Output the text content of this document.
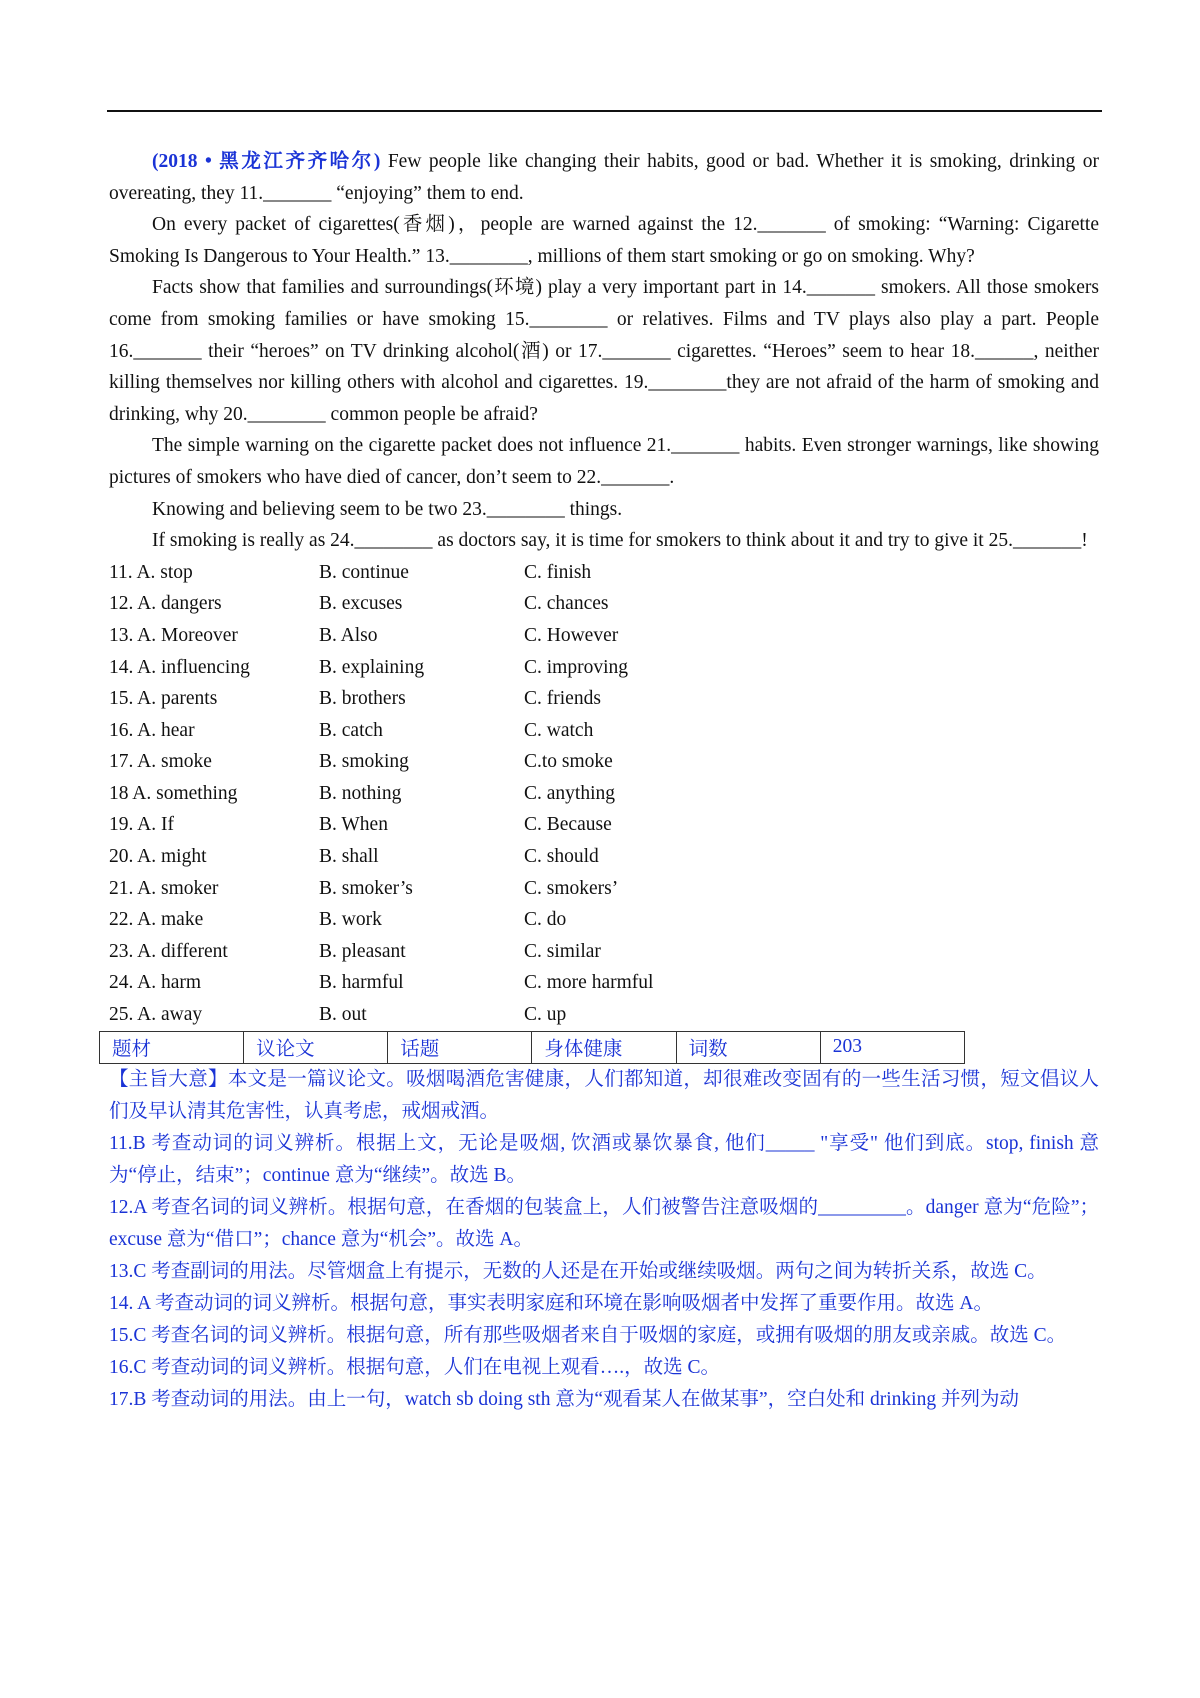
(2018 • 黑龙江齐齐哈尔) Few people like changing their habits, good or bad. Whether it is smoking, drinking or overeating, they 11._______ “enjoying” them to end.

On every packet of cigarettes(香烟)，people are warned against the 12._______ of smoking: “Warning: Cigarette Smoking Is Dangerous to Your Health.” 13.________, millions of them start smoking or go on smoking. Why?

Facts show that families and surroundings(环境) play a very important part in 14._______ smokers. All those smokers come from smoking families or have smoking 15.________ or relatives. Films and TV plays also play a part. People 16._______ their “heroes” on TV drinking alcohol(酒) or 17._______ cigarettes. “Heroes” seem to hear 18.______, neither killing themselves nor killing others with alcohol and cigarettes. 19.________they are not afraid of the harm of smoking and drinking, why 20.________ common people be afraid?

The simple warning on the cigarette packet does not influence 21._______ habits. Even stronger warnings, like showing pictures of smokers who have died of cancer, don’t seem to 22._______.

Knowing and believing seem to be two 23.________ things.

If smoking is really as 24.________ as doctors say, it is time for smokers to think about it and try to give it 25._______!

11. A. stop	B. continue	C. finish
12. A. dangers	B. excuses	C. chances
13. A. Moreover	B. Also	C. However
14. A. influencing	B. explaining	C. improving
15. A. parents	B. brothers	C. friends
16. A. hear	B. catch	C. watch
17. A. smoke	B. smoking	C.to smoke
18 A. something	B. nothing	C. anything
19. A. If	B. When	C. Because
20. A. might	B. shall	C. should
21. A. smoker	B. smoker’s	C. smokers’
22. A. make	B. work	C. do
23. A. different	B. pleasant	C. similar
24. A. harm	B. harmful	C. more harmful
25. A. away	B. out	C. up
题材	议论文	话题	身体健康	词数	203

【主旨大意】本文是一篇议论文。吸烟喝酒危害健康，人们都知道，却很难改变固有的一些生活习惯，短文倡议人们及早认清其危害性，认真考虑，戒烟戒酒。

11.B 考查动词的词义辨析。根据上文，无论是吸烟, 饮酒或暴饮暴食, 他们_____ "享受" 他们到底。stop, finish 意为“停止，结束”；continue 意为“继续”。故选 B。

12.A 考查名词的词义辨析。根据句意，在香烟的包装盒上，人们被警告注意吸烟的_________。danger 意为“危险”；excuse 意为“借口”；chance 意为“机会”。故选 A。

13.C 考查副词的用法。尽管烟盒上有提示，无数的人还是在开始或继续吸烟。两句之间为转折关系，故选 C。

14. A 考查动词的词义辨析。根据句意，事实表明家庭和环境在影响吸烟者中发挥了重要作用。故选 A。

15.C 考查名词的词义辨析。根据句意，所有那些吸烟者来自于吸烟的家庭，或拥有吸烟的朋友或亲戚。故选 C。

16.C 考查动词的词义辨析。根据句意，人们在电视上观看….，故选 C。

17.B 考查动词的用法。由上一句，watch sb doing sth 意为“观看某人在做某事”，空白处和 drinking 并列为动
